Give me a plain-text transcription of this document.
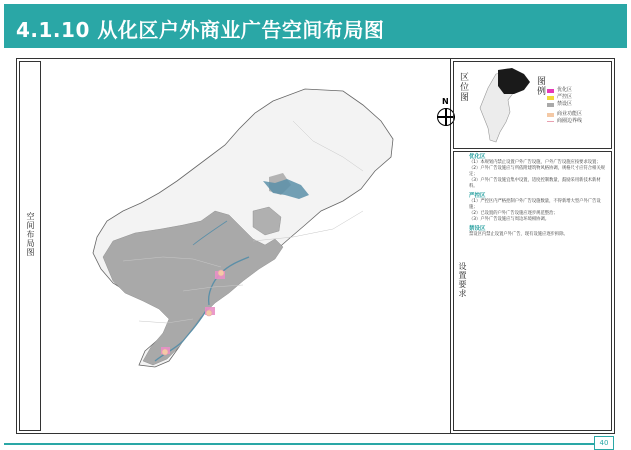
4.1.10 从化区户外商业广告空间布局图
空间布局图
N 区位图	图例	优化区
严控区
禁设区
商业功能区
商圈边界线
设置要求
优化区
（1）本规划内禁止设置户外广告设施，户外广告设施应按要求设置；
（2）户外广告设施应与所依附建筑物风格协调，规格尺寸应符合相关规定；
（3）户外广告设施宜集中设置，适度控制数量，鼓励采用新技术新材料。
严控区
（1）严控区内严格控制户外广告设施数量，不得新增大型户外广告设施；
（2）已设置的户外广告设施应逐步规范整治；
（3）户外广告设施应与周边环境相协调。
禁设区
禁设区内禁止设置户外广告，现有设施应逐步拆除。
40
